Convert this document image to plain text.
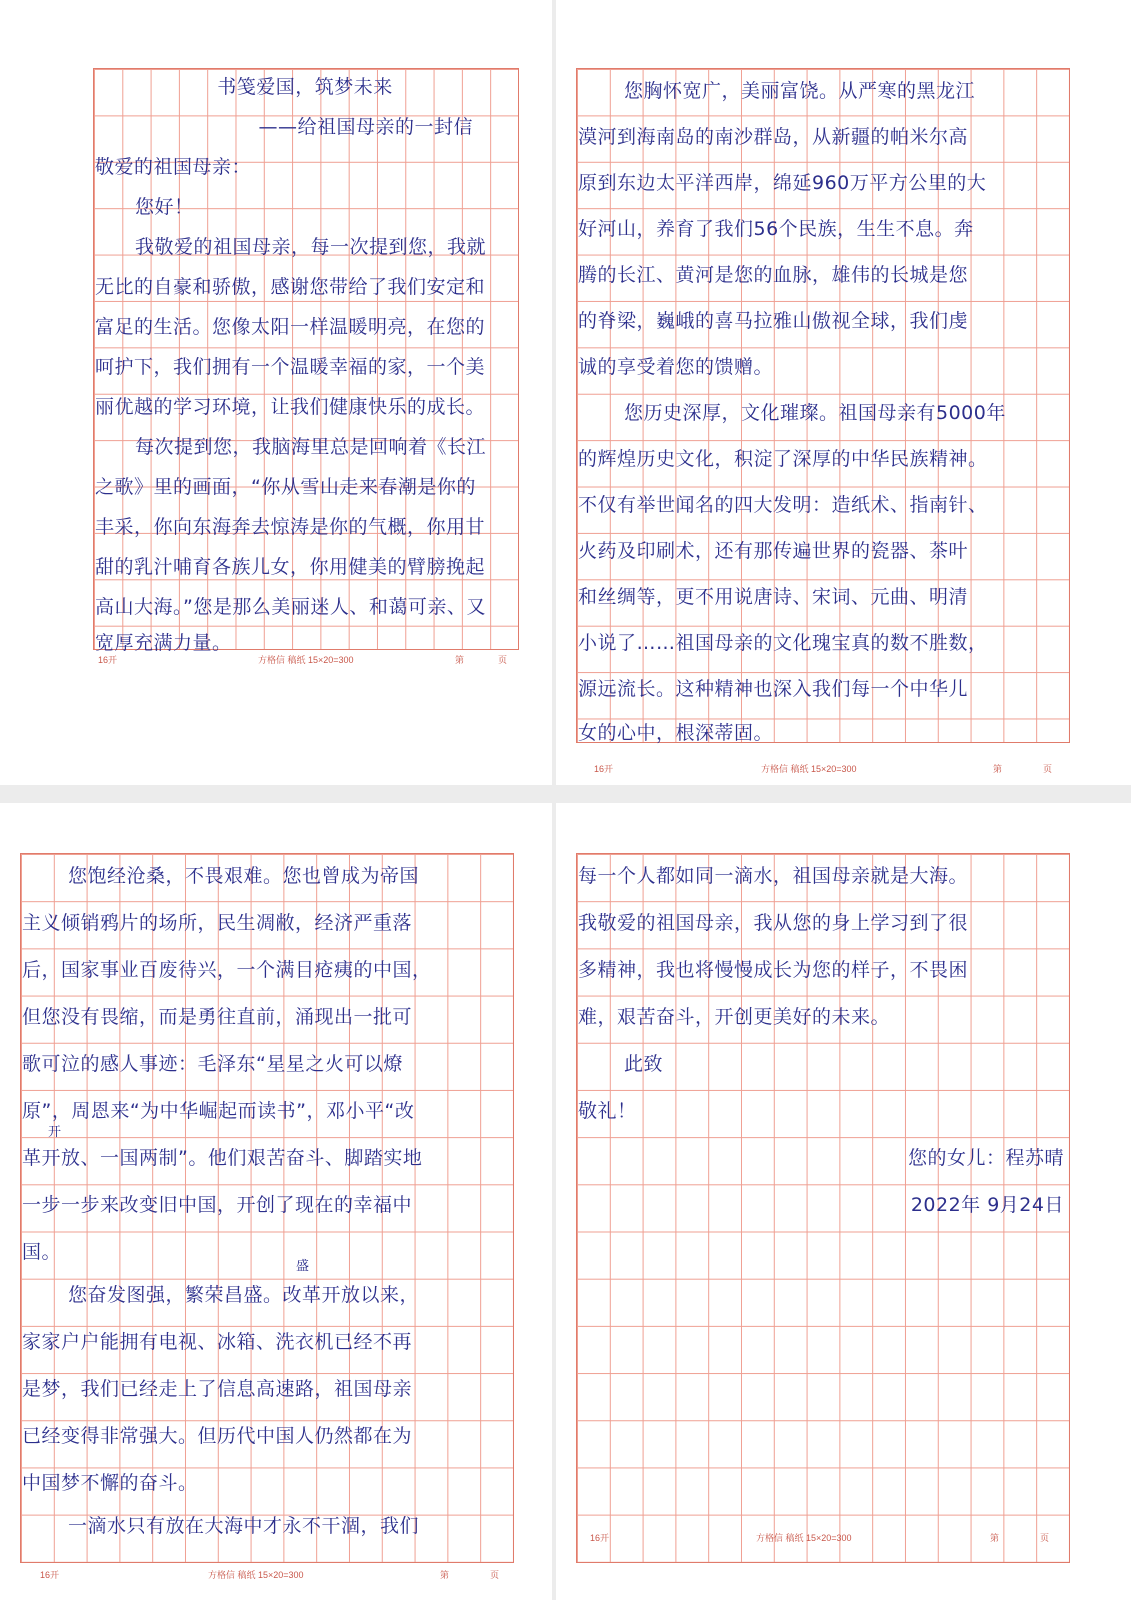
书笺爱国，筑梦未来
——给祖国母亲的一封信
敬爱的祖国母亲：
您好！
我敬爱的祖国母亲，每一次提到您，我就
无比的自豪和骄傲，感谢您带给了我们安定和
富足的生活。您像太阳一样温暖明亮，在您的
呵护下，我们拥有一个温暖幸福的家，一个美
丽优越的学习环境，让我们健康快乐的成长。
每次提到您，我脑海里总是回响着《长江
之歌》里的画面，“你从雪山走来春潮是你的
丰采，你向东海奔去惊涛是你的气概，你用甘
甜的乳汁哺育各族儿女，你用健美的臂膀挽起
高山大海。”您是那么美丽迷人、和蔼可亲、又
宽厚充满力量。
16开	方格信 稿纸 15×20=300	第	页
您胸怀宽广，美丽富饶。从严寒的黑龙江
漠河到海南岛的南沙群岛，从新疆的帕米尔高
原到东边太平洋西岸，绵延960万平方公里的大
好河山，养育了我们56个民族，生生不息。奔
腾的长江、黄河是您的血脉，雄伟的长城是您
的脊梁，巍峨的喜马拉雅山傲视全球，我们虔
诚的享受着您的馈赠。
您历史深厚，文化璀璨。祖国母亲有5000年
的辉煌历史文化，积淀了深厚的中华民族精神。
不仅有举世闻名的四大发明：造纸术、指南针、
火药及印刷术，还有那传遍世界的瓷器、茶叶
和丝绸等，更不用说唐诗、宋词、元曲、明清
小说了……祖国母亲的文化瑰宝真的数不胜数，
源远流长。这种精神也深入我们每一个中华儿
女的心中，根深蒂固。
16开	方格信 稿纸 15×20=300	第	页
您饱经沧桑，不畏艰难。您也曾成为帝国
主义倾销鸦片的场所，民生凋敝，经济严重落
后，国家事业百废待兴，一个满目疮痍的中国，
但您没有畏缩，而是勇往直前，涌现出一批可
歌可泣的感人事迹：毛泽东“星星之火可以燎
原”，周恩来“为中华崛起而读书”，邓小平“改
开
革开放、一国两制”。他们艰苦奋斗、脚踏实地
一步一步来改变旧中国，开创了现在的幸福中
国。
盛
您奋发图强，繁荣昌盛。改革开放以来，
家家户户能拥有电视、冰箱、洗衣机已经不再
是梦，我们已经走上了信息高速路，祖国母亲
已经变得非常强大。但历代中国人仍然都在为
中国梦不懈的奋斗。
一滴水只有放在大海中才永不干涸，我们
16开	方格信 稿纸 15×20=300	第	页
每一个人都如同一滴水，祖国母亲就是大海。
我敬爱的祖国母亲，我从您的身上学习到了很
多精神，我也将慢慢成长为您的样子，不畏困
难，艰苦奋斗，开创更美好的未来。
此致
敬礼！
您的女儿：程苏晴
2022年 9月24日
16开	方格信 稿纸 15×20=300	第	页
